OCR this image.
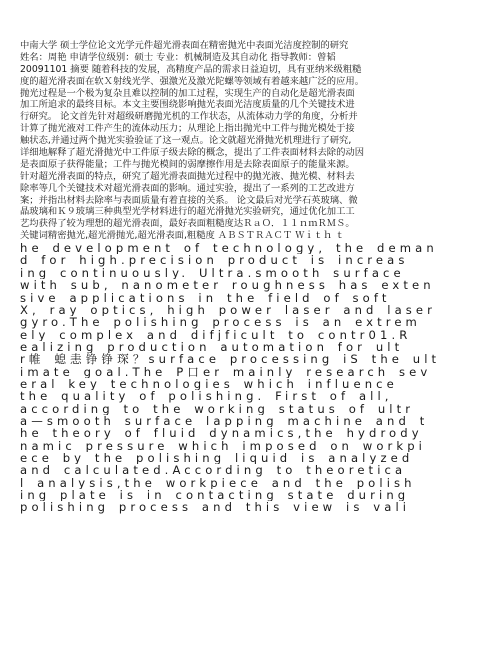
中南大学 硕士学位论文光学元件超光滑表面在精密抛光中表面光洁度控制的研究
姓名：周艳 申请学位级别：硕士 专业：机械制造及其自动化 指导教师：曾韬
20091101 摘要 随着科技的发展，高精度产品的需求日益迫切，具有亚纳米级粗糙
度的超光滑表面在软Ｘ射线光学、强激光及激光陀螺等领域有着越来越广泛的应用。
抛光过程是一个极为复杂且难以控制的加工过程，实现生产的自动化是超光滑表面
加工所追求的最终目标。本文主要围绕影响抛光表面光洁度质量的几个关键技术进
行研究。 论文首先针对超级研磨抛光机的工作状态，从流体动力学的角度，分析并
计算了抛光液对工件产生的流体动压力；从理论上指出抛光中工件与抛光模处于接
触状态,并通过两个抛光实验验证了这一观点。论文就超光滑抛光机理进行了研究,
详细地解释了超光滑抛光中工件原子级去除的概念，提出了工件表面材料去除的动因
是表面原子获得能量；工件与抛光模间的弱摩擦作用是去除表面原子的能量来源。
针对超光滑表面的特点，研究了超光滑表面抛光过程中的抛光液、抛光模、材料去
除率等几个关键技术对超光滑表面的影响。通过实验，提出了一系列的工艺改进方
案；并指出材料去除率与表面质量有着直接的关系。 论文最后对光学石英玻璃、微
晶玻璃和Ｋ９玻璃三种典型光学材料进行的超光滑抛光实验研究，通过优化加工工
艺均获得了较为理想的超光滑表面，最好表面粗糙度达ＲａＯ．１１ｎｍＲＭＳ。
关键词精密抛光,超光滑抛光,超光滑表面,粗糙度 ＡＢＳＴＲＡＣＴ Ｗｉｔｈ ｔ
he development of technology, the deman
d for high.precision product is increas
ing continuously. Ultra.smooth surface
with sub, nanometer roughness has exten
sive applications in the field of soft
X, ray optics, high power laser and laser
gyro.The polishing process is an extrem
ely complex and difjficult to contr01.R
ealizing production automation for ult
r帷 螅恚铮铮琛？surface processing iS the ult
imate goal.The P口er mainly research sev
eral key technologies which influence
the quality of polishing. First of all,
according to the working status of ultr
a—smooth surface lapping machine and t
he theory of fluid dynamics,the hydrody
namic pressure which imposed on workpi
ece by the polishing liquid is analyzed
and calculated.According to theoretica
l analysis,the workpiece and the polish
ing plate is in contacting state during
polishing process and this view is vali
